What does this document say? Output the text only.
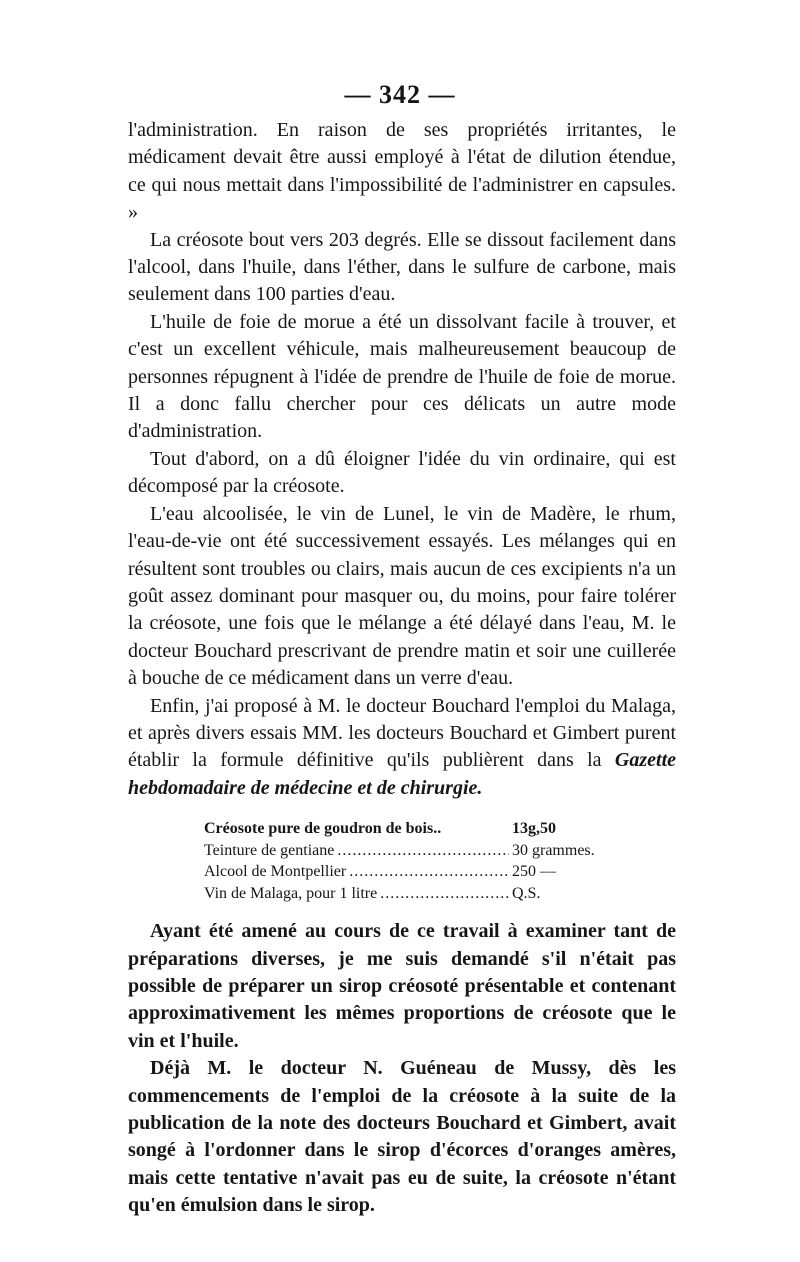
— 342 —

l'administration. En raison de ses propriétés irritantes, le médicament devait être aussi employé à l'état de dilution étendue, ce qui nous mettait dans l'impossibilité de l'administrer en capsules. »

La créosote bout vers 203 degrés. Elle se dissout facilement dans l'alcool, dans l'huile, dans l'éther, dans le sulfure de carbone, mais seulement dans 100 parties d'eau.

L'huile de foie de morue a été un dissolvant facile à trouver, et c'est un excellent véhicule, mais malheureusement beaucoup de personnes répugnent à l'idée de prendre de l'huile de foie de morue. Il a donc fallu chercher pour ces délicats un autre mode d'administration.

Tout d'abord, on a dû éloigner l'idée du vin ordinaire, qui est décomposé par la créosote.

L'eau alcoolisée, le vin de Lunel, le vin de Madère, le rhum, l'eau-de-vie ont été successivement essayés. Les mélanges qui en résultent sont troubles ou clairs, mais aucun de ces excipients n'a un goût assez dominant pour masquer ou, du moins, pour faire tolérer la créosote, une fois que le mélange a été délayé dans l'eau, M. le docteur Bouchard prescrivant de prendre matin et soir une cuillerée à bouche de ce médicament dans un verre d'eau.

Enfin, j'ai proposé à M. le docteur Bouchard l'emploi du Malaga, et après divers essais MM. les docteurs Bouchard et Gimbert purent établir la formule définitive qu'ils publièrent dans la Gazette hebdomadaire de médecine et de chirurgie.

Créosote pure de goudron de bois..	13g,50
Teinture de gentiane .....	30 grammes.
Alcool de Montpellier .....	250 —
Vin de Malaga, pour 1 litre .....	Q.S.

Ayant été amené au cours de ce travail à examiner tant de préparations diverses, je me suis demandé s'il n'était pas possible de préparer un sirop créosoté présentable et contenant approximativement les mêmes proportions de créosote que le vin et l'huile.

Déjà M. le docteur N. Guéneau de Mussy, dès les commencements de l'emploi de la créosote à la suite de la publication de la note des docteurs Bouchard et Gimbert, avait songé à l'ordonner dans le sirop d'écorces d'oranges amères, mais cette tentative n'avait pas eu de suite, la créosote n'étant qu'en émulsion dans le sirop.
